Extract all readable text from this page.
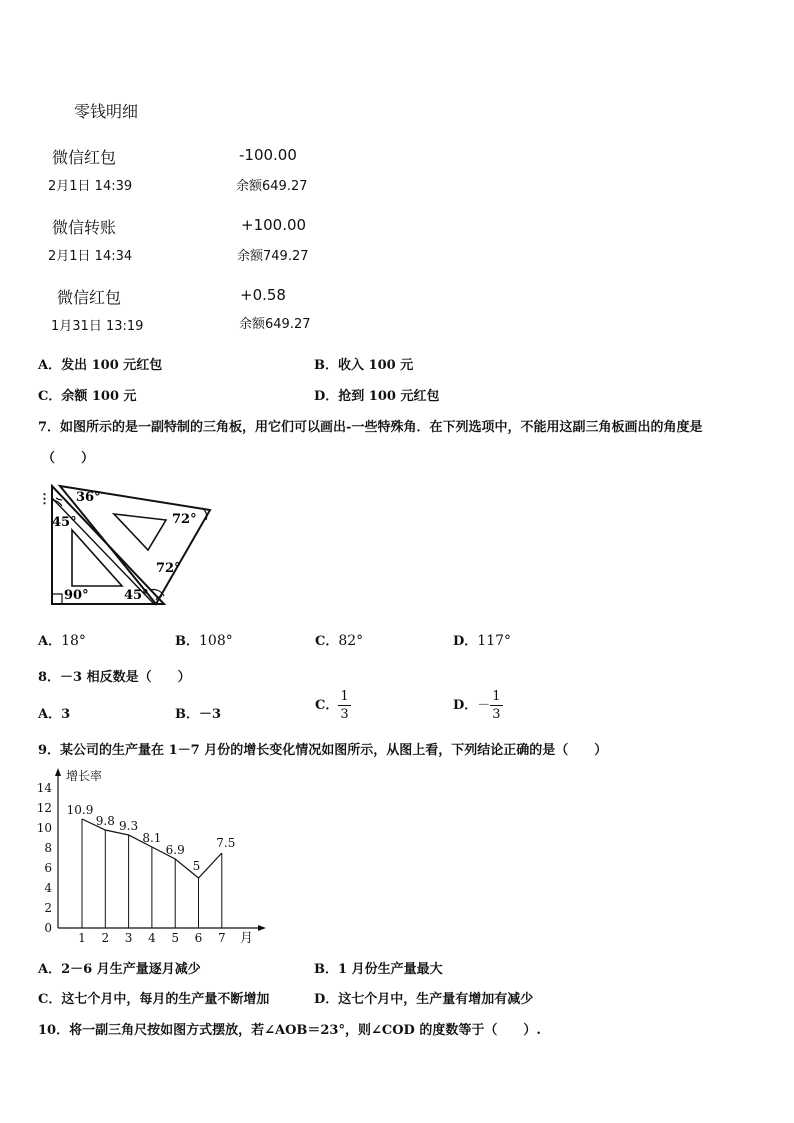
零钱明细
微信红包	-100.00
2月1日 14:39	余额649.27
微信转账	+100.00
2月1日 14:34	余额749.27
微信红包	+0.58
1月31日 13:19	余额649.27
A．发出 100 元红包	B．收入 100 元
C．余额 100 元	D．抢到 100 元红包
7．如图所示的是一副特制的三角板，用它们可以画出-一些特殊角．在下列选项中，不能用这副三角板画出的角度是
（　　）
⋮ 36°
72°
45°
72°
90°	45°
A．18°	B．108°	C．82°	D．117°
8．－3 相反数是（　　）
A．3	B．－3
C． $\frac{1}{3}$	D．－ $\frac{1}{3}$
9．某公司的生产量在 1－7 月份的增长变化情况如图所示，从图上看，下列结论正确的是（　　）
增长率
月
0
2
4
6
8
10
12
14
1 2 3 4 5 6 7
10.9
9.8 9.3
8.1
6.9
5
7.5
A．2－6 月生产量逐月减少	B．1 月份生产量最大
C．这七个月中，每月的生产量不断增加	D．这七个月中，生产量有增加有减少
10．将一副三角尺按如图方式摆放，若∠AOB＝23°，则∠COD 的度数等于（　　）.
